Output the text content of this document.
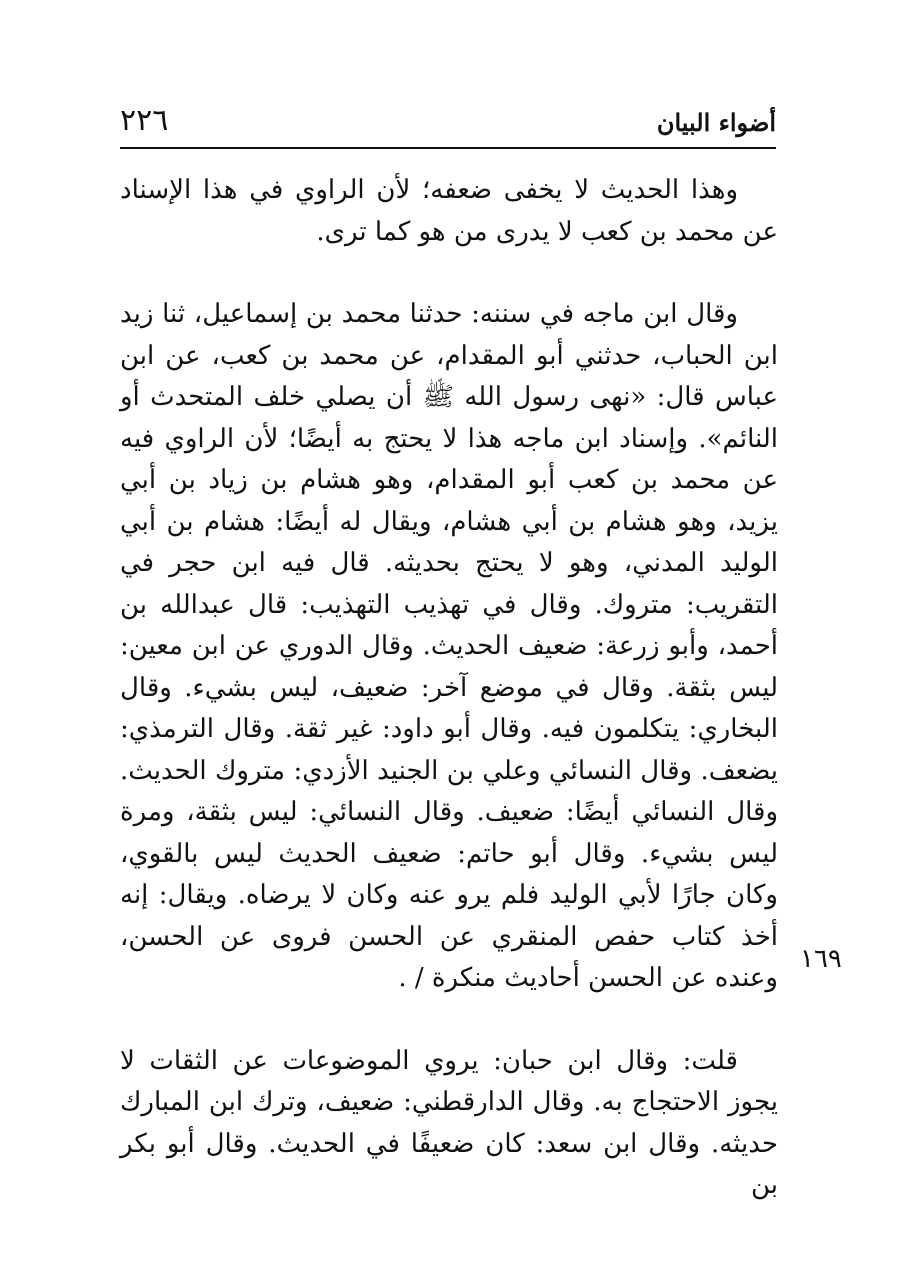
أضواء البيان
٢٢٦

وهذا الحديث لا يخفى ضعفه؛ لأن الراوي في هذا الإسناد عن محمد بن كعب لا يدرى من هو كما ترى.

وقال ابن ماجه في سننه: حدثنا محمد بن إسماعيل، ثنا زيد ابن الحباب، حدثني أبو المقدام، عن محمد بن كعب، عن ابن عباس قال: «نهى رسول الله ﷺ أن يصلي خلف المتحدث أو النائم». وإسناد ابن ماجه هذا لا يحتج به أيضًا؛ لأن الراوي فيه عن محمد بن كعب أبو المقدام، وهو هشام بن زياد بن أبي يزيد، وهو هشام بن أبي هشام، ويقال له أيضًا: هشام بن أبي الوليد المدني، وهو لا يحتج بحديثه. قال فيه ابن حجر في التقريب: متروك. وقال في تهذيب التهذيب: قال عبدالله بن أحمد، وأبو زرعة: ضعيف الحديث. وقال الدوري عن ابن معين: ليس بثقة. وقال في موضع آخر: ضعيف، ليس بشيء. وقال البخاري: يتكلمون فيه. وقال أبو داود: غير ثقة. وقال الترمذي: يضعف. وقال النسائي وعلي بن الجنيد الأزدي: متروك الحديث. وقال النسائي أيضًا: ضعيف. وقال النسائي: ليس بثقة، ومرة ليس بشيء. وقال أبو حاتم: ضعيف الحديث ليس بالقوي، وكان جارًا لأبي الوليد فلم يرو عنه وكان لا يرضاه. ويقال: إنه أخذ كتاب حفص المنقري عن الحسن فروى عن الحسن، وعنده عن الحسن أحاديث منكرة / .

قلت: وقال ابن حبان: يروي الموضوعات عن الثقات لا يجوز الاحتجاج به. وقال الدارقطني: ضعيف، وترك ابن المبارك حديثه. وقال ابن سعد: كان ضعيفًا في الحديث. وقال أبو بكر بن

١٦٩
